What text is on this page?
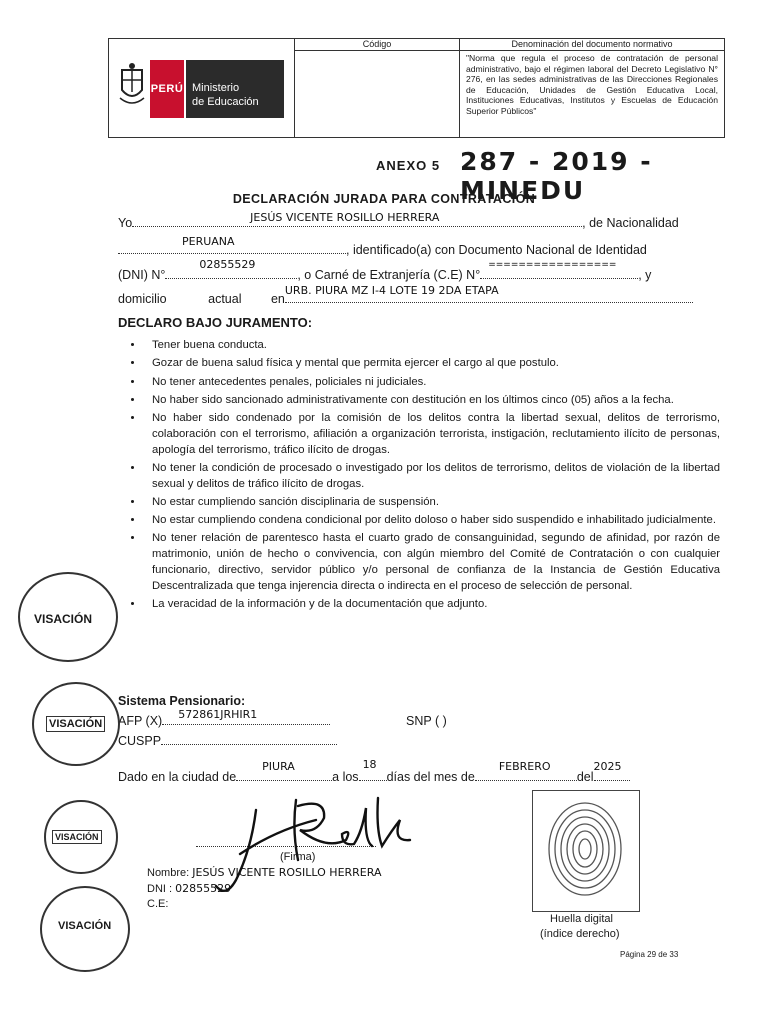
Código	Denominación del documento normativo
"Norma que regula el proceso de contratación de personal administrativo, bajo el régimen laboral del Decreto Legislativo N° 276, en las sedes administrativas de las Direcciones Regionales de Educación, Unidades de Gestión Educativa Local, Instituciones Educativas, Institutos y Escuelas de Educación Superior Públicos"
PERÚ Ministerio
de Educación
ANEXO 5 287 - 2019 - MINEDU
DECLARACIÓN JURADA PARA CONTRATACIÓN
Yo	JESÚS VICENTE ROSILLO HERRERA	, de Nacionalidad
PERUANA
, identificado(a) con Documento Nacional de Identidad
(DNI) N°
02855529
, o Carné de Extranjería (C.E) N°
=================
, y
domicilio	actual en
URB. PIURA MZ I-4 LOTE 19 2DA ETAPA
DECLARO BAJO JURAMENTO:
• Tener buena conducta.
• Gozar de buena salud física y mental que permita ejercer el cargo al que postulo.
• No tener antecedentes penales, policiales ni judiciales.
• No haber sido sancionado administrativamente con destitución en los últimos cinco (05) años a la fecha.
• No haber sido condenado por la comisión de los delitos contra la libertad sexual, delitos de terrorismo, colaboración con el terrorismo, afiliación a organización terrorista, instigación, reclutamiento ilícito de personas, apología del terrorismo, tráfico ilícito de drogas.
• No tener la condición de procesado o investigado por los delitos de terrorismo, delitos de violación de la libertad sexual y delitos de tráfico ilícito de drogas.
• No estar cumpliendo sanción disciplinaria de suspensión.
• No estar cumpliendo condena condicional por delito doloso o haber sido suspendido e inhabilitado judicialmente.
• No tener relación de parentesco hasta el cuarto grado de consanguinidad, segundo de afinidad, por razón de matrimonio, unión de hecho o convivencia, con algún miembro del Comité de Contratación o con cualquier funcionario, directivo, servidor público y/o personal de confianza de la Instancia de Gestión Educativa Descentralizada que tenga injerencia directa o indirecta en el proceso de selección de personal.
• La veracidad de la información y de la documentación que adjunto.
Sistema Pensionario:
AFP (X) 572861JRHIR1	SNP ( )
CUSPP
Dado en la ciudad de
PIURA
a los
18
días del mes de
FEBRERO
del
2025
(Firma)
Nombre: JESÚS VICENTE ROSILLO HERRERA
DNI : 02855529
C.E:
Huella digital
(índice derecho)
VISACIÓN
VISACIÓN
VISACIÓN
VISACIÓN
Página 29 de 33
